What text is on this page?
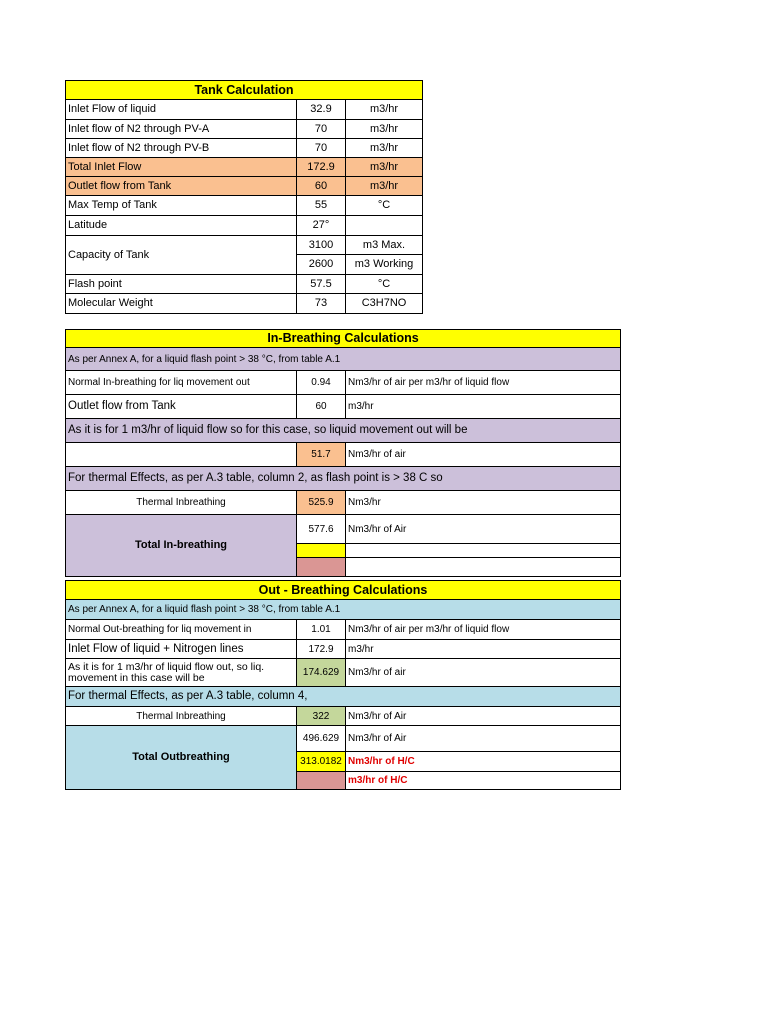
Tank Calculation		
Inlet Flow of liquid	32.9	m3/hr
Inlet flow of N2 through PV-A	70	m3/hr
Inlet flow of N2 through PV-B	70	m3/hr
Total Inlet Flow	172.9	m3/hr
Outlet flow from Tank	60	m3/hr
Max Temp of Tank	55	°C
Latitude	27°	
Capacity of Tank	3100	m3 Max.
	2600	m3 Working
Flash point	57.5	°C
Molecular Weight	73	C3H7NO
In-Breathing Calculations		
As per Annex A, for a liquid flash point > 38 °C, from table A.1		
Normal In-breathing for liq movement out	0.94	Nm3/hr of air per m3/hr of liquid flow
Outlet flow from Tank	60	m3/hr
As it is for 1 m3/hr of liquid flow so for this case, so liquid movement out will be		
	51.7	Nm3/hr of air
For thermal Effects, as per A.3 table, column 2, as flash point is > 38 C so		
Thermal Inbreathing	525.9	Nm3/hr
Total In-breathing	577.6	Nm3/hr of Air

Out - Breathing Calculations		
As per Annex A, for a liquid flash point > 38 °C, from table A.1		
Normal Out-breathing for liq movement in	1.01	Nm3/hr of air per m3/hr of liquid flow
Inlet Flow of liquid + Nitrogen lines	172.9	m3/hr
As it is for 1 m3/hr of liquid flow out, so liq. movement in this case will be	174.629	Nm3/hr of air
For thermal Effects, as per A.3 table, column 4,		
Thermal Inbreathing	322	Nm3/hr of Air
Total Outbreathing	496.629	Nm3/hr of Air
	313.0182	Nm3/hr of H/C
		m3/hr of H/C
